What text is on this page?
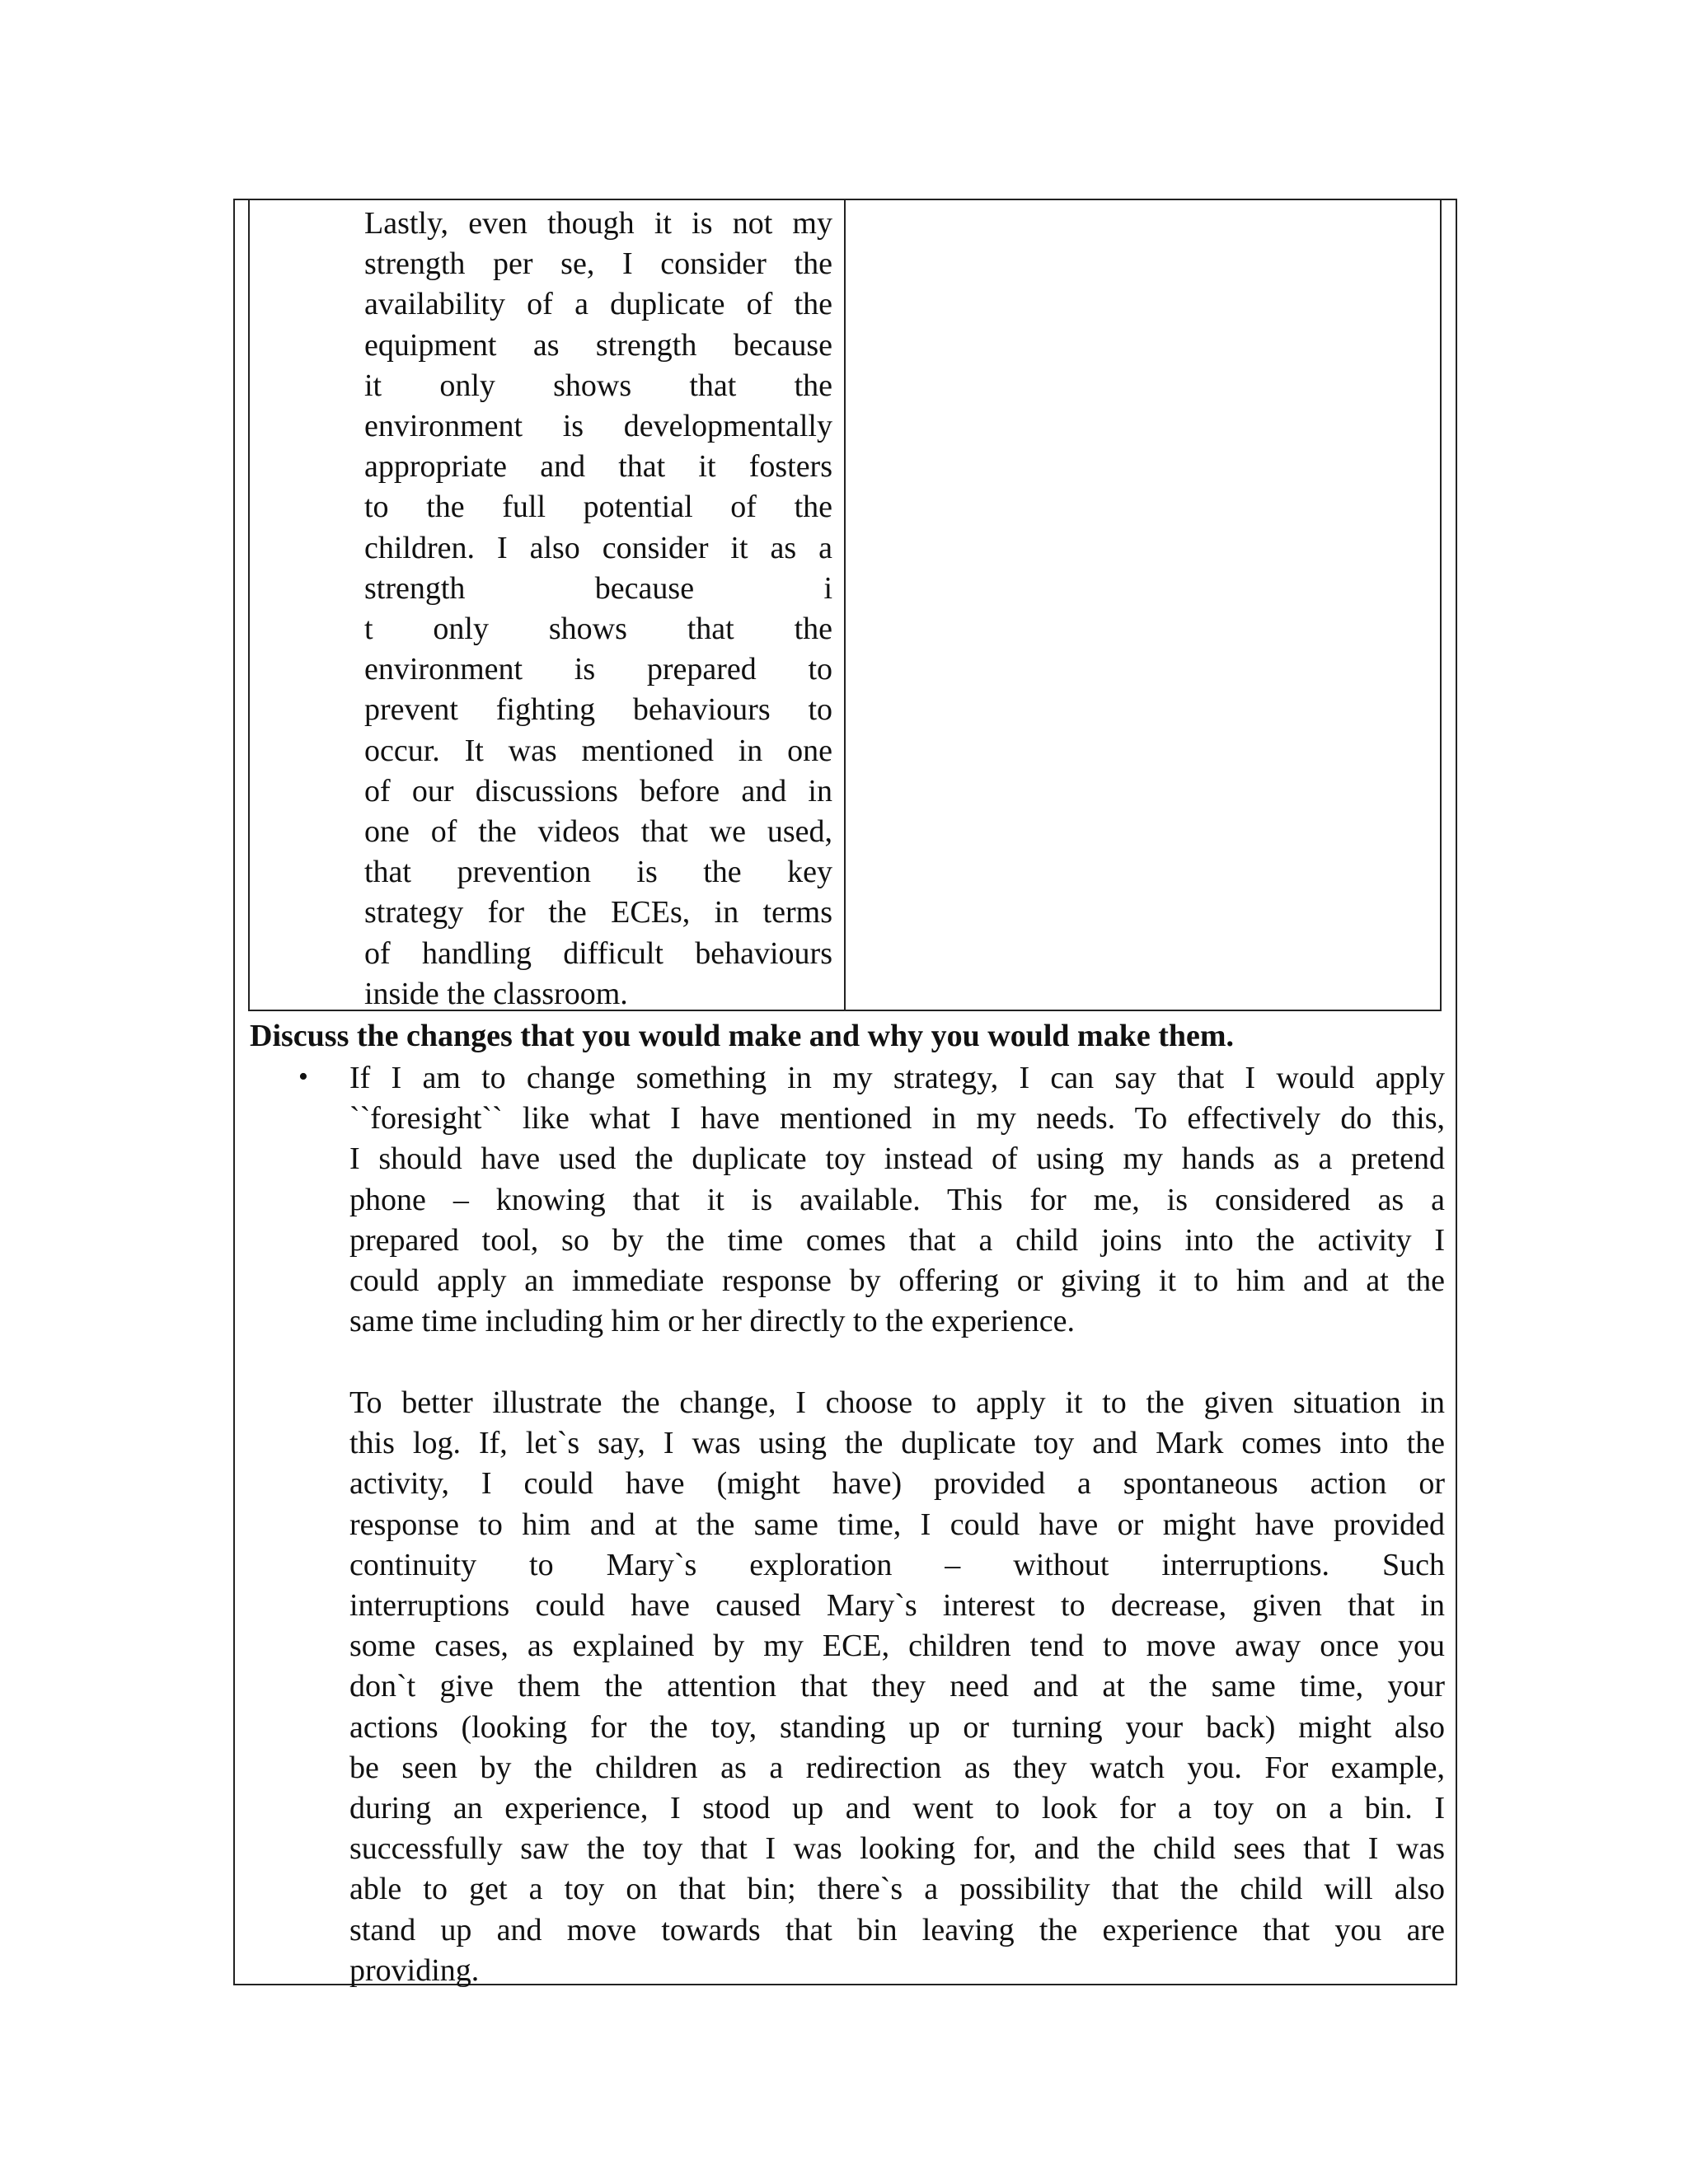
Lastly, even though it is not my
strength per se, I consider the
availability of a duplicate of the
equipment as strength because
it only shows that the
environment is developmentally
appropriate and that it fosters
to the full potential of the
children. I also consider it as a
strength because i
t only shows that the
environment is prepared to
prevent fighting behaviours to
occur. It was mentioned in one
of our discussions before and in
one of the videos that we used,
that prevention is the key
strategy for the ECEs, in terms
of handling difficult behaviours
inside the classroom.
Discuss the changes that you would make and why you would make them.
• If I am to change something in my strategy, I can say that I would apply
``foresight`` like what I have mentioned in my needs. To effectively do this,
I should have used the duplicate toy instead of using my hands as a pretend
phone – knowing that it is available. This for me, is considered as a
prepared tool, so by the time comes that a child joins into the activity I
could apply an immediate response by offering or giving it to him and at the
same time including him or her directly to the experience.
To better illustrate the change, I choose to apply it to the given situation in
this log. If, let`s say, I was using the duplicate toy and Mark comes into the
activity, I could have (might have) provided a spontaneous action or
response to him and at the same time, I could have or might have provided
continuity to Mary`s exploration – without interruptions. Such
interruptions could have caused Mary`s interest to decrease, given that in
some cases, as explained by my ECE, children tend to move away once you
don`t give them the attention that they need and at the same time, your
actions (looking for the toy, standing up or turning your back) might also
be seen by the children as a redirection as they watch you. For example,
during an experience, I stood up and went to look for a toy on a bin. I
successfully saw the toy that I was looking for, and the child sees that I was
able to get a toy on that bin; there`s a possibility that the child will also
stand up and move towards that bin leaving the experience that you are
providing.
